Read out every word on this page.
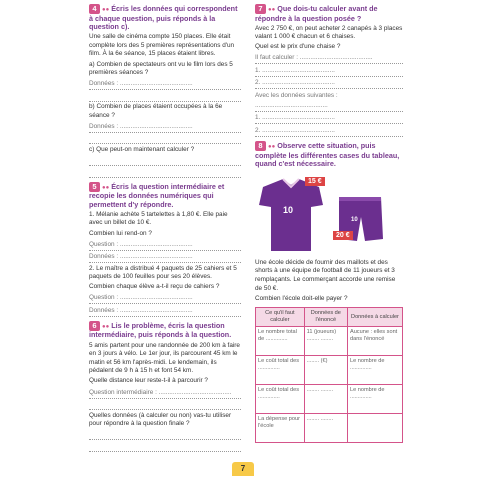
4 ●● Écris les données qui correspondent à chaque question, puis réponds à la question c).
Une salle de cinéma compte 150 places. Elle était complète lors des 5 premières représentations d'un film. À la 6e séance, 15 places étaient libres.
a) Combien de spectateurs ont vu le film lors des 5 premières séances ?
Données : .........................................
b) Combien de places étaient occupées à la 6e séance ?
Données : .........................................
c) Que peut-on maintenant calculer ?
5 ●● Écris la question intermédiaire et recopie les données numériques qui permettent d'y répondre.
1. Mélanie achète 5 tartelettes à 1,80 €. Elle paie avec un billet de 10 €.
Combien lui rend-on ?
Question : .........................................
Données : .........................................
2. Le maître a distribué 4 paquets de 25 cahiers et 5 paquets de 100 feuilles pour ses 20 élèves.
Combien chaque élève a-t-il reçu de cahiers ?
Question : .........................................
Données : .........................................
6 ●● Lis le problème, écris la question intermédiaire, puis réponds à la question.
5 amis partent pour une randonnée de 200 km à faire en 3 jours à vélo. Le 1er jour, ils parcourent 45 km le matin et 56 km l'après-midi. Le lendemain, ils pédalent de 9 h à 15 h et font 54 km.
Quelle distance leur reste-t-il à parcourir ?
Question intermédiaire : .........................................
Quelles données (à calculer ou non) vas-tu utiliser pour répondre à la question finale ?
7 ●● Que dois-tu calculer avant de répondre à la question posée ?
Avec 2 750 €, on peut acheter 2 canapés à 3 places valant 1 000 € chacun et 6 chaises.
Quel est le prix d'une chaise ?
Il faut calculer : .........................................
1. .........................................
2. .........................................
Avec les données suivantes : .........................................
1. .........................................
2. .........................................
8 ●● Observe cette situation, puis complète les différentes cases du tableau, quand c'est nécessaire.
10
10
15 €
20 €
Une école décide de fournir des maillots et des shorts à une équipe de football de 11 joueurs et 3 remplaçants. Le commerçant accorde une remise de 50 €.
Combien l'école doit-elle payer ?
Ce qu'il faut calculer	Données de l'énoncé	Données à calculer
Le nombre total de ..............	11 (joueurs) ........ ........	Aucune : elles sont dans l'énoncé
Le coût total des ..............	........ (€)	Le nombre de ..............
Le coût total des ..............	........ ........	Le nombre de ..............
La dépense pour l'école	........ ........	
7
